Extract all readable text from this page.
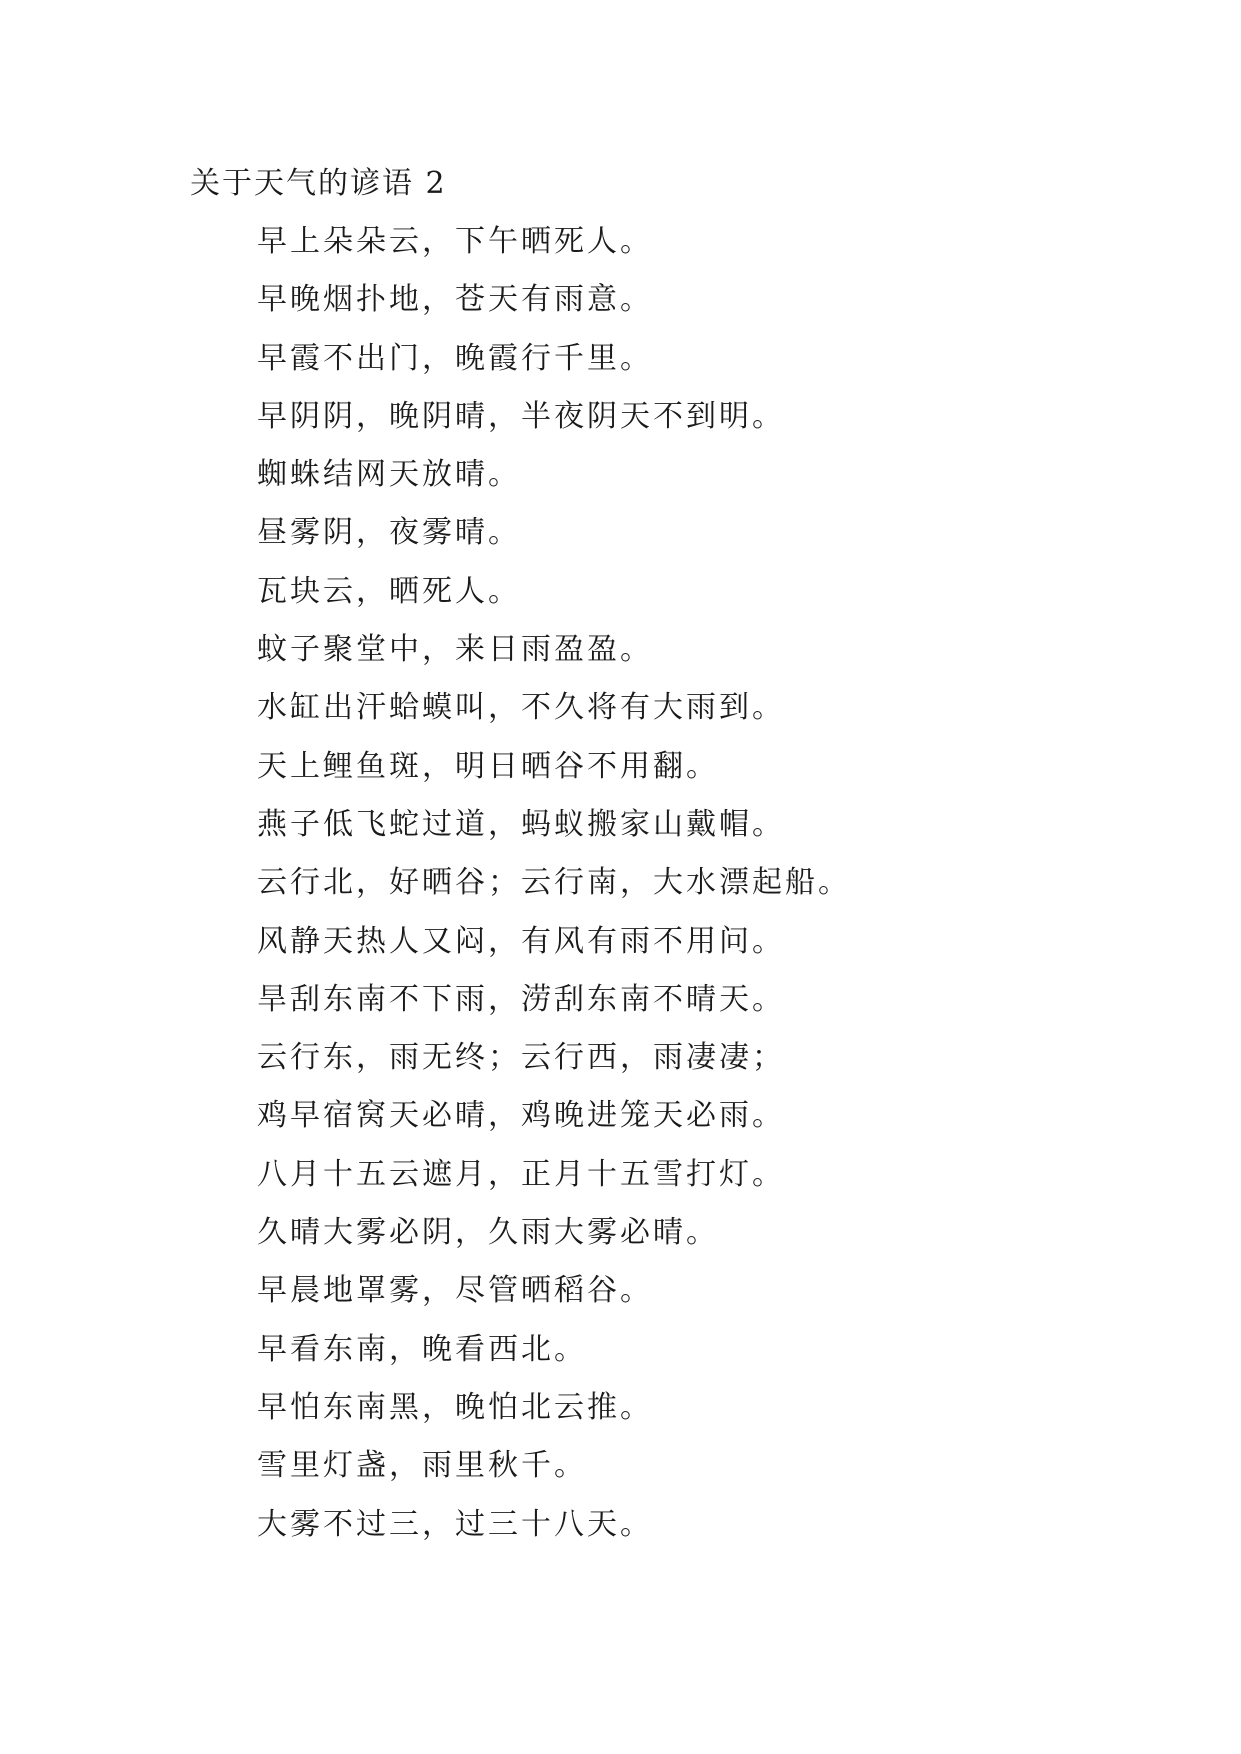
关于天气的谚语 2
早上朵朵云，下午晒死人。
早晚烟扑地，苍天有雨意。
早霞不出门，晚霞行千里。
早阴阴，晚阴晴，半夜阴天不到明。
蜘蛛结网天放晴。
昼雾阴，夜雾晴。
瓦块云，晒死人。
蚊子聚堂中，来日雨盈盈。
水缸出汗蛤蟆叫，不久将有大雨到。
天上鲤鱼斑，明日晒谷不用翻。
燕子低飞蛇过道，蚂蚁搬家山戴帽。
云行北，好晒谷；云行南，大水漂起船。
风静天热人又闷，有风有雨不用问。
旱刮东南不下雨，涝刮东南不晴天。
云行东，雨无终；云行西，雨凄凄；
鸡早宿窝天必晴，鸡晚进笼天必雨。
八月十五云遮月，正月十五雪打灯。
久晴大雾必阴，久雨大雾必晴。
早晨地罩雾，尽管晒稻谷。
早看东南，晚看西北。
早怕东南黑，晚怕北云推。
雪里灯盏，雨里秋千。
大雾不过三，过三十八天。
